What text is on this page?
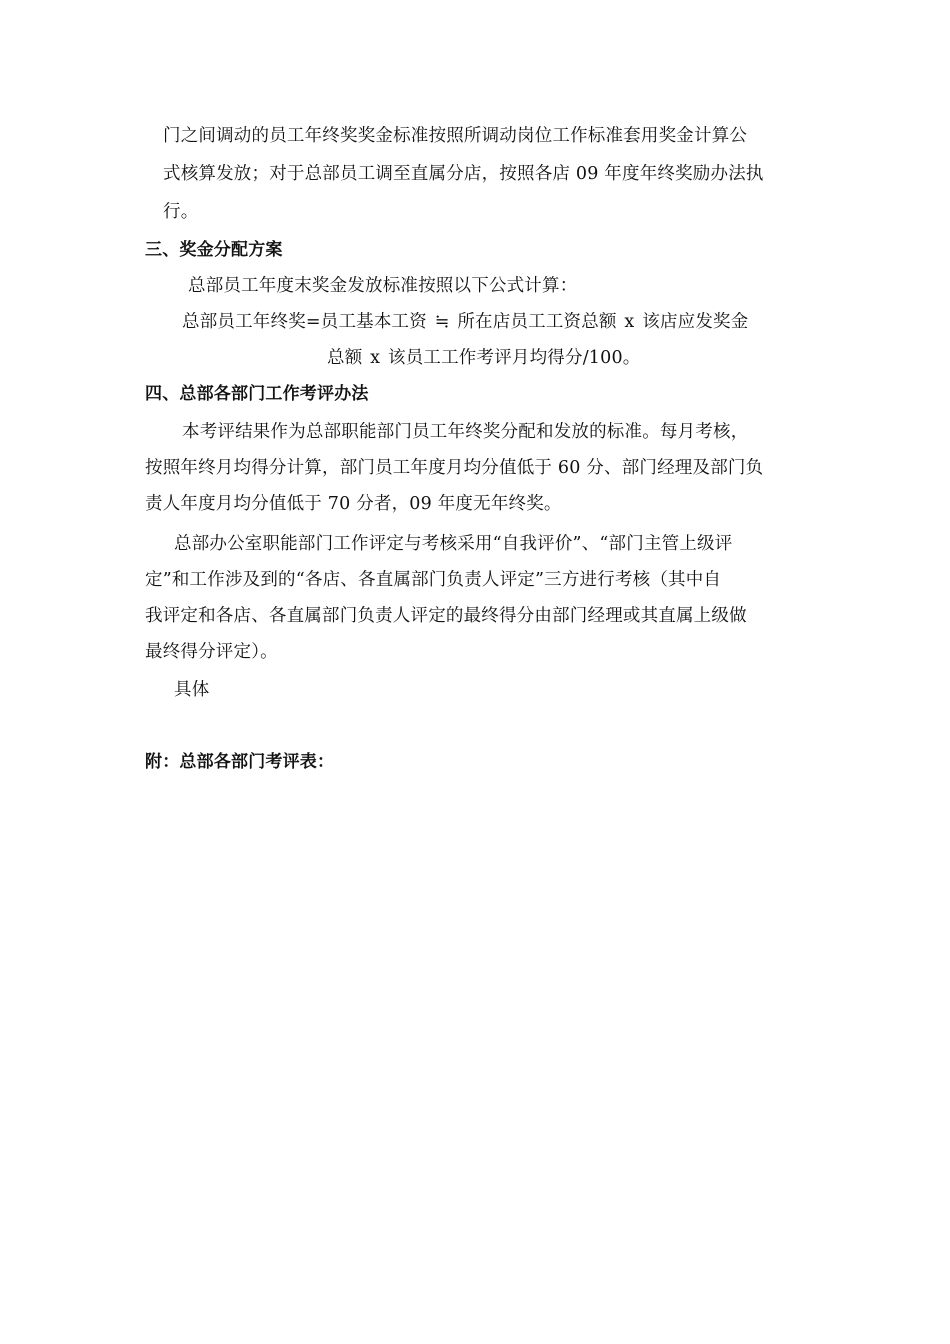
门之间调动的员工年终奖奖金标准按照所调动岗位工作标准套用奖金计算公
式核算发放；对于总部员工调至直属分店，按照各店 09 年度年终奖励办法执
行。
三、奖金分配方案
总部员工年度末奖金发放标准按照以下公式计算：
总部员工年终奖=员工基本工资 ≒ 所在店员工工资总额 x 该店应发奖金
总额 x 该员工工作考评月均得分/100。
四、总部各部门工作考评办法
本考评结果作为总部职能部门员工年终奖分配和发放的标准。每月考核，
按照年终月均得分计算，部门员工年度月均分值低于 60 分、部门经理及部门负
责人年度月均分值低于 70 分者，09 年度无年终奖。
总部办公室职能部门工作评定与考核采用“自我评价”、“部门主管上级评
定”和工作涉及到的“各店、各直属部门负责人评定”三方进行考核（其中自
我评定和各店、各直属部门负责人评定的最终得分由部门经理或其直属上级做
最终得分评定）。
具体
附：总部各部门考评表：
